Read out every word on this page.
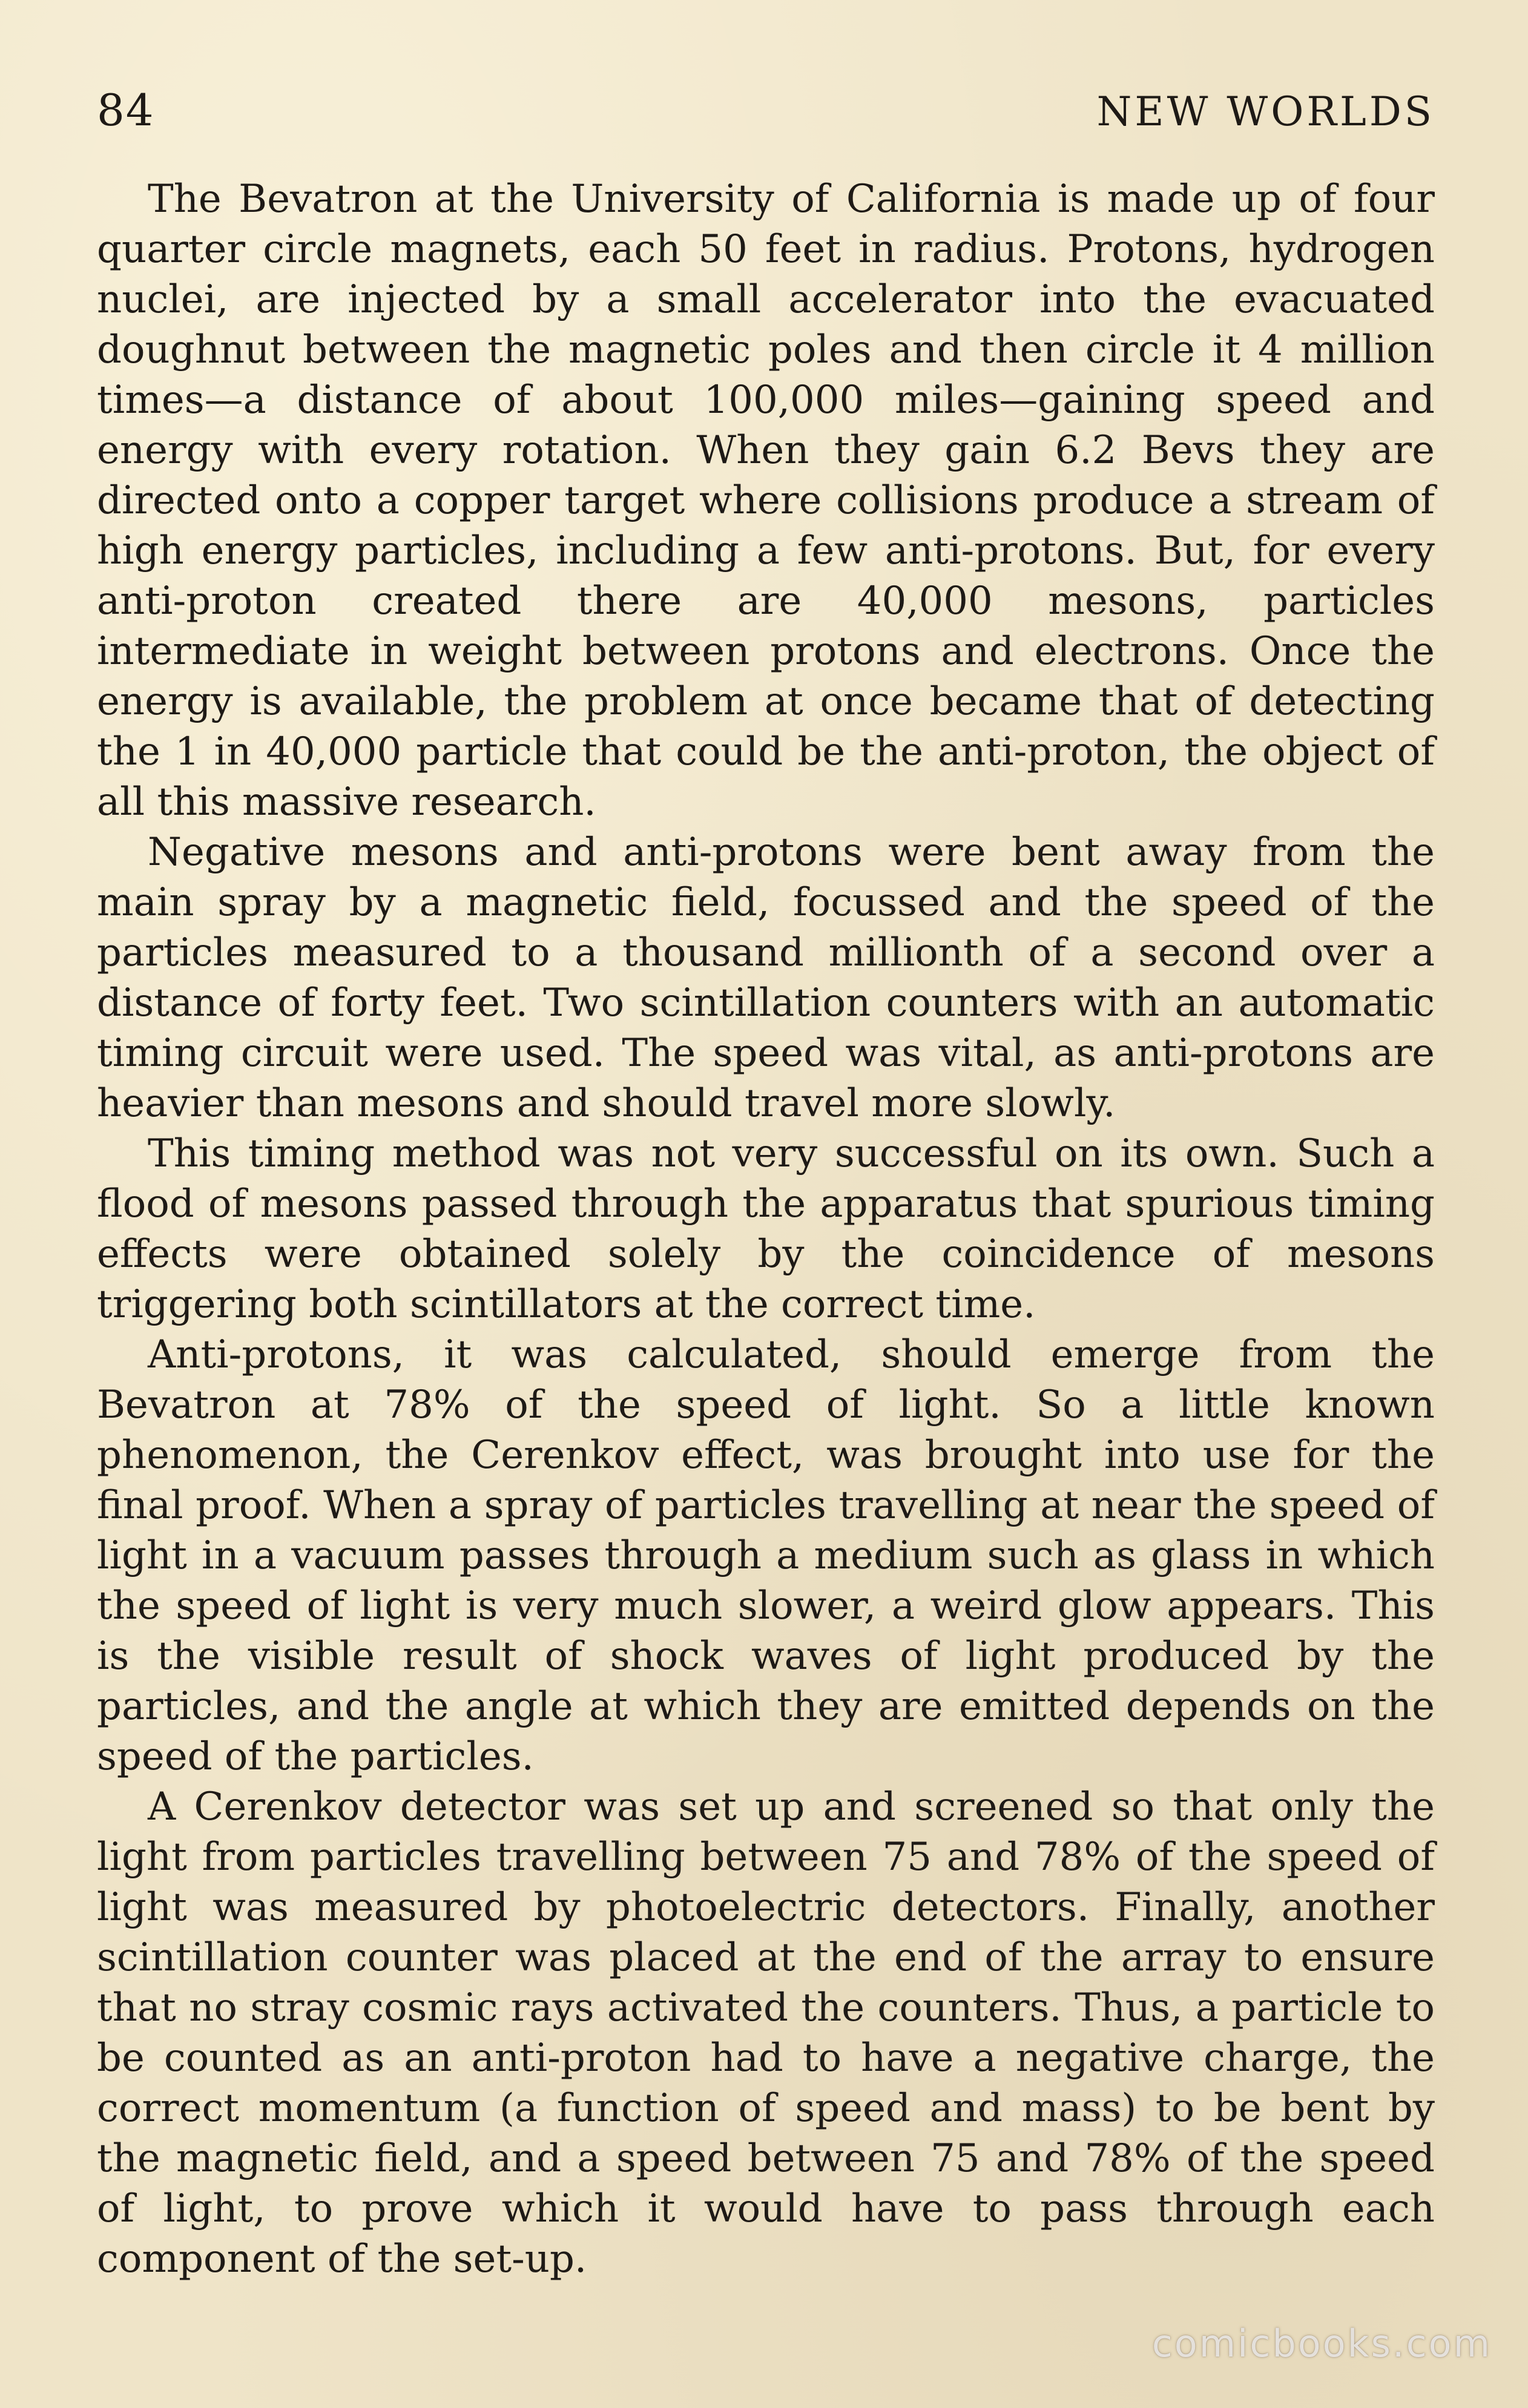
84	NEW WORLDS

The Bevatron at the University of California is made up of four quarter circle magnets, each 50 feet in radius. Protons, hydrogen nuclei, are injected by a small accelerator into the evacuated doughnut between the magnetic poles and then circle it 4 million times—a distance of about 100,000 miles—gaining speed and energy with every rotation. When they gain 6.2 Bevs they are directed onto a copper target where collisions produce a stream of high energy particles, including a few anti-protons. But, for every anti-proton created there are 40,000 mesons, particles intermediate in weight between protons and electrons. Once the energy is available, the problem at once became that of detecting the 1 in 40,000 particle that could be the anti-proton, the object of all this massive research.

Negative mesons and anti-protons were bent away from the main spray by a magnetic field, focussed and the speed of the particles measured to a thousand millionth of a second over a distance of forty feet. Two scintillation counters with an automatic timing circuit were used. The speed was vital, as anti-protons are heavier than mesons and should travel more slowly.

This timing method was not very successful on its own. Such a flood of mesons passed through the apparatus that spurious timing effects were obtained solely by the coincidence of mesons triggering both scintillators at the correct time.

Anti-protons, it was calculated, should emerge from the Bevatron at 78% of the speed of light. So a little known phenomenon, the Cerenkov effect, was brought into use for the final proof. When a spray of particles travelling at near the speed of light in a vacuum passes through a medium such as glass in which the speed of light is very much slower, a weird glow appears. This is the visible result of shock waves of light produced by the particles, and the angle at which they are emitted depends on the speed of the particles.

A Cerenkov detector was set up and screened so that only the light from particles travelling between 75 and 78% of the speed of light was measured by photoelectric detectors. Finally, another scintillation counter was placed at the end of the array to ensure that no stray cosmic rays activated the counters. Thus, a particle to be counted as an anti-proton had to have a negative charge, the correct momentum (a function of speed and mass) to be bent by the magnetic field, and a speed between 75 and 78% of the speed of light, to prove which it would have to pass through each component of the set-up.

comicbooks.com
